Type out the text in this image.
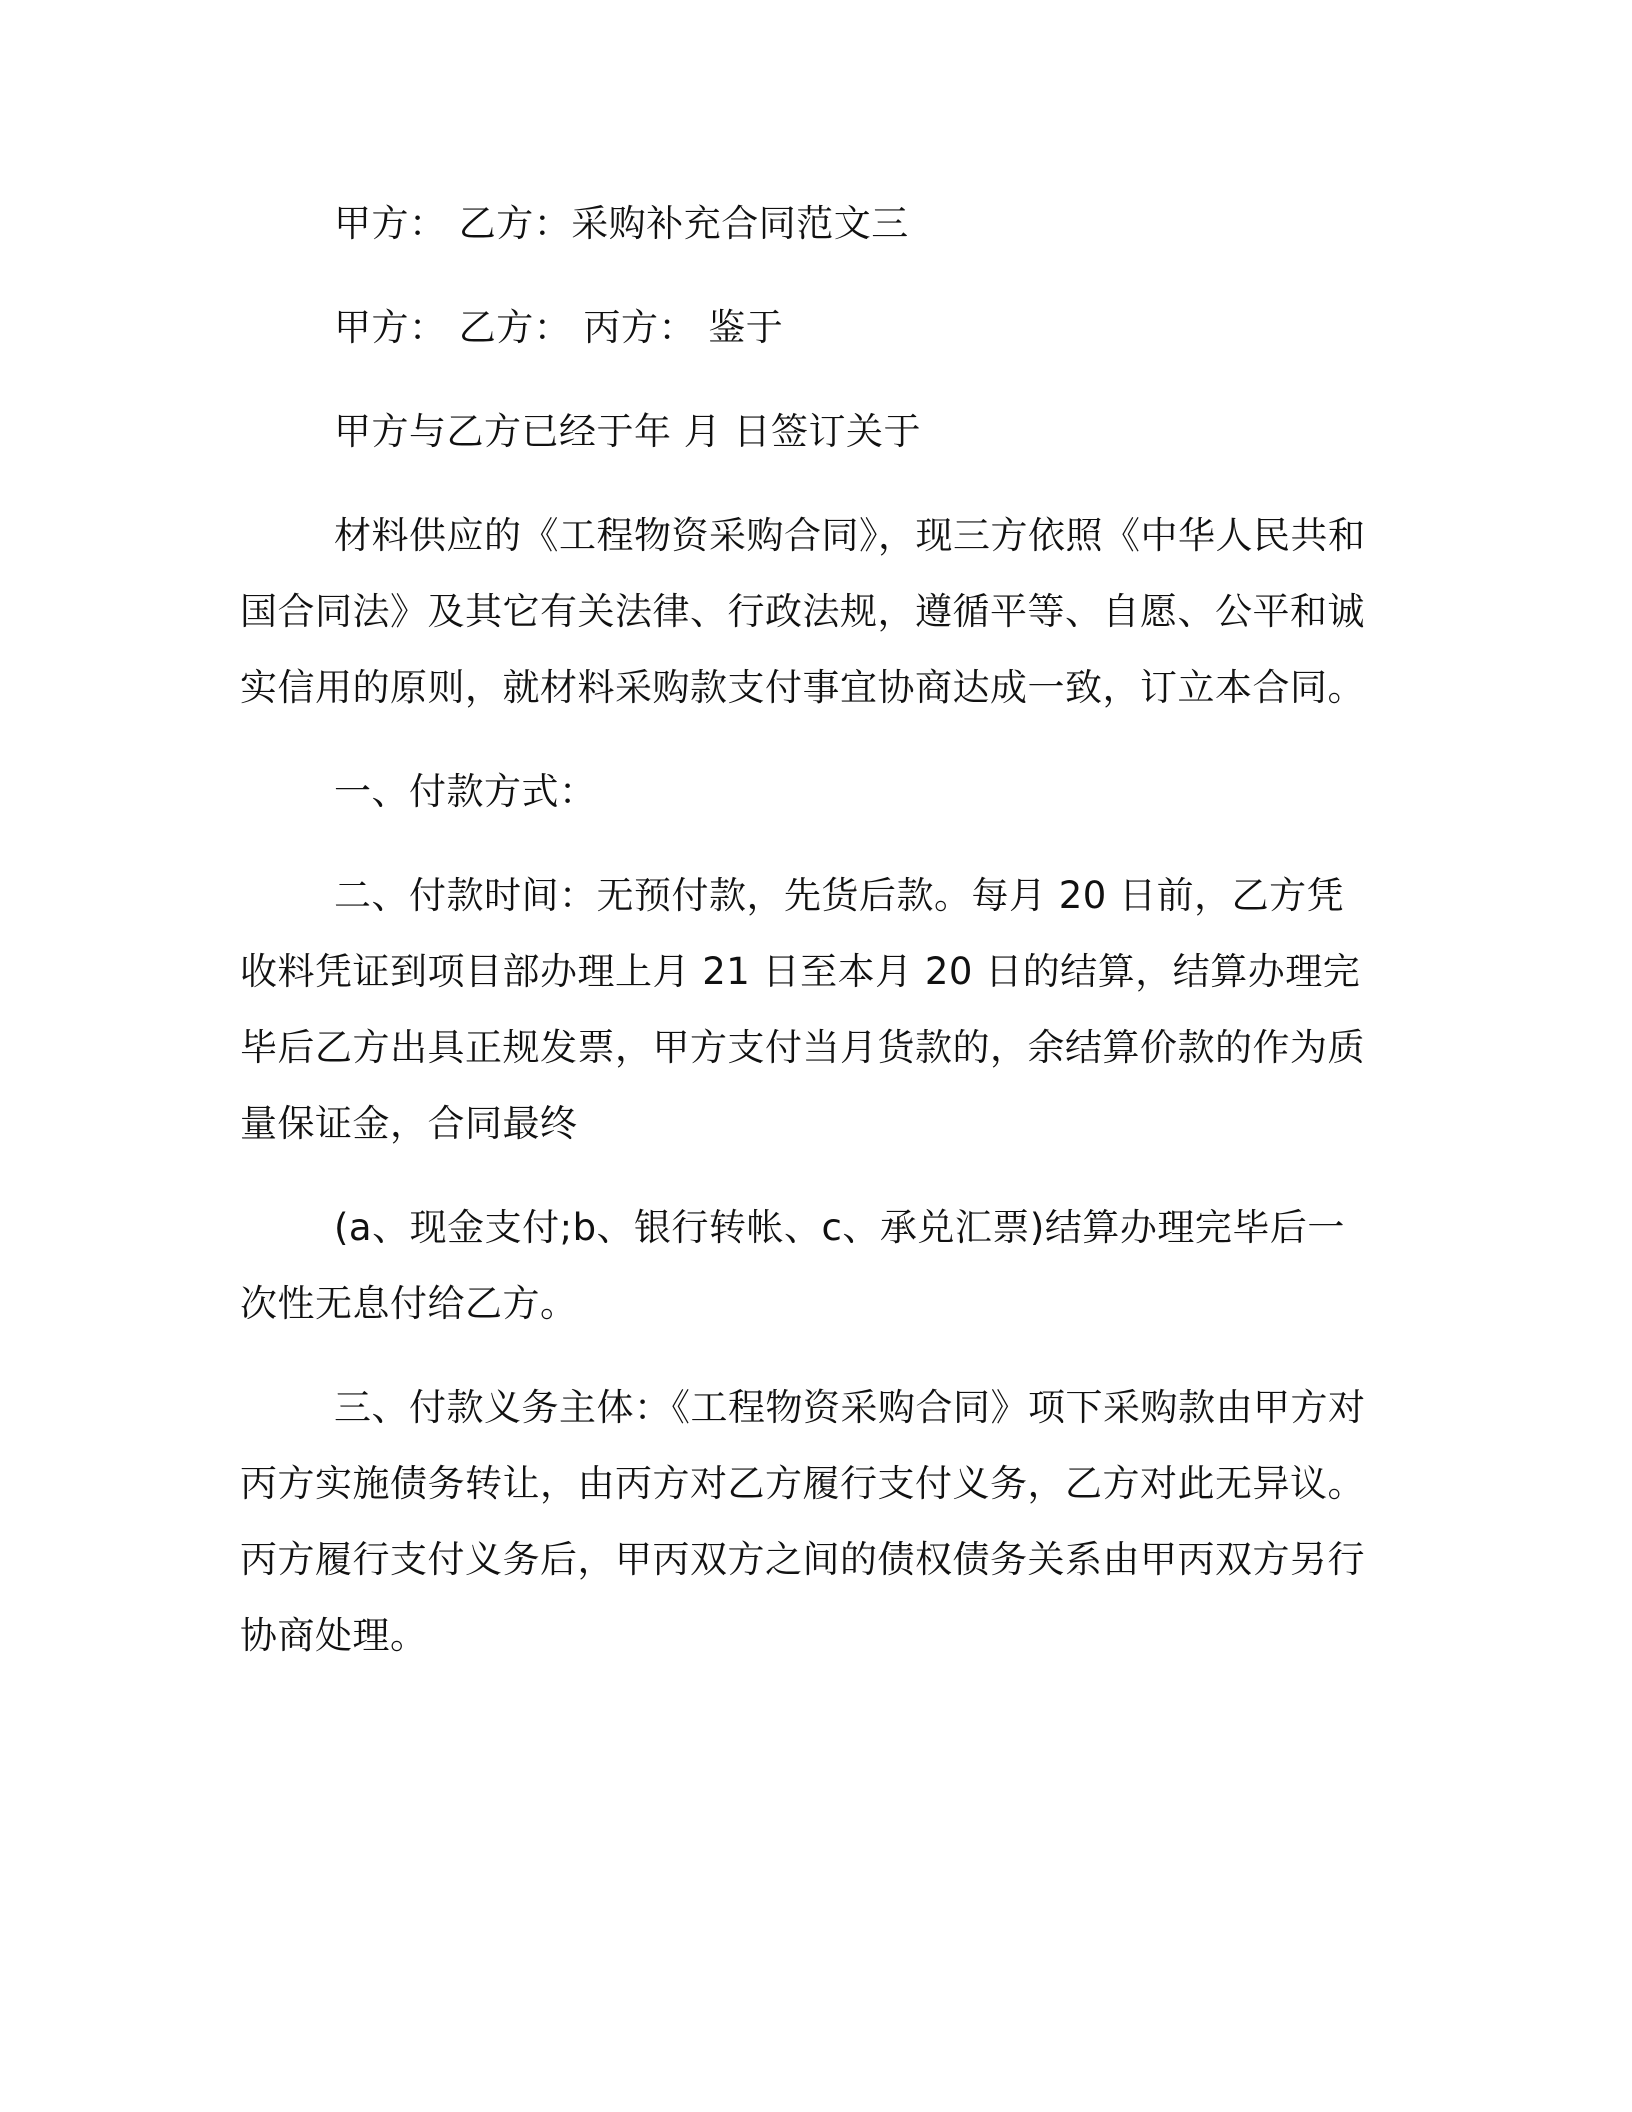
甲方： 乙方：采购补充合同范文三

甲方： 乙方： 丙方： 鉴于

甲方与乙方已经于年 月 日签订关于

材料供应的《工程物资采购合同》，现三方依照《中华人民共和国合同法》及其它有关法律、行政法规，遵循平等、自愿、公平和诚实信用的原则，就材料采购款支付事宜协商达成一致，订立本合同。

一、付款方式：

二、付款时间：无预付款，先货后款。每月 20 日前，乙方凭收料凭证到项目部办理上月 21 日至本月 20 日的结算，结算办理完毕后乙方出具正规发票，甲方支付当月货款的，余结算价款的作为质量保证金，合同最终

(a、现金支付;b、银行转帐、c、承兑汇票)结算办理完毕后一次性无息付给乙方。

三、付款义务主体：《工程物资采购合同》项下采购款由甲方对丙方实施债务转让，由丙方对乙方履行支付义务，乙方对此无异议。丙方履行支付义务后，甲丙双方之间的债权债务关系由甲丙双方另行协商处理。
